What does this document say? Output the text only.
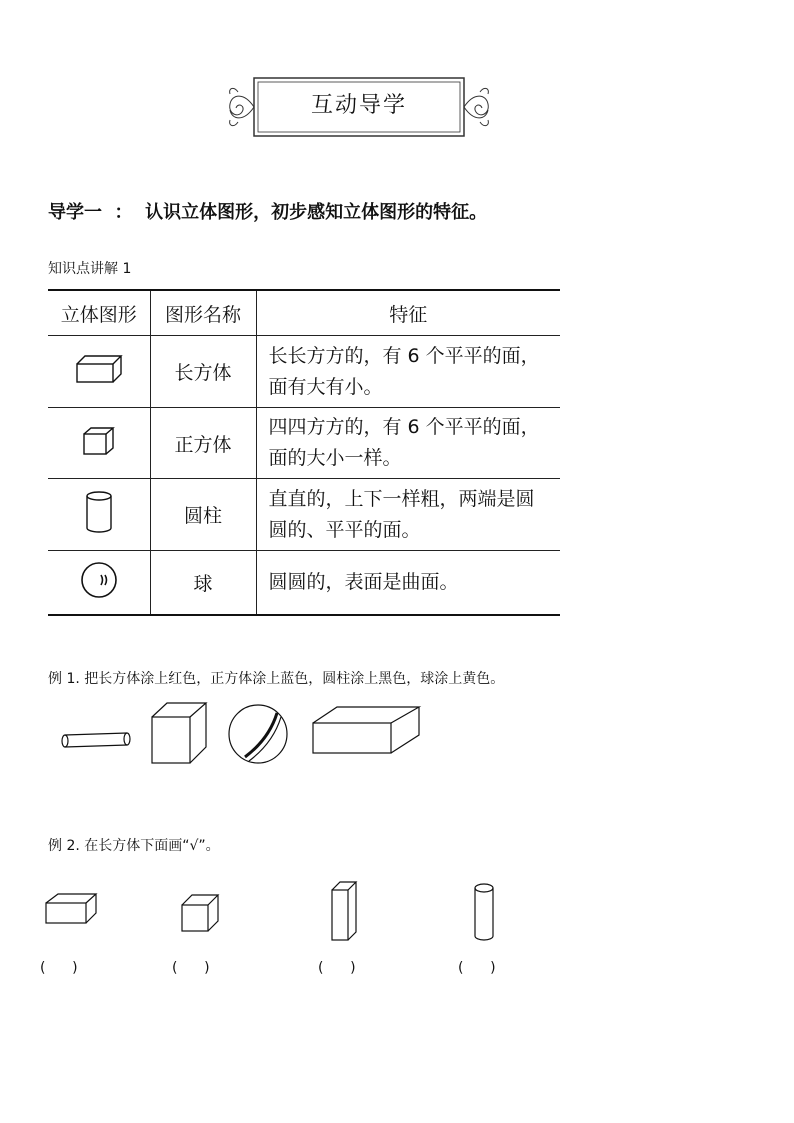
互动导学
导学一  ：  认识立体图形，初步感知立体图形的特征。
知识点讲解 1
立体图形	图形名称	特征
	长方体	长长方方的，有 6 个平平的面，
面有大有小。

	正方体	四四方方的，有 6 个平平的面，
面的大小一样。

	圆柱	直直的，上下一样粗，两端是圆
圆的、平平的面。

	球	圆圆的，表面是曲面。
例 1. 把长方体涂上红色，正方体涂上蓝色，圆柱涂上黑色，球涂上黄色。
例 2. 在长方体下面画“√”。
(      )	(      )	(      )	(      )
